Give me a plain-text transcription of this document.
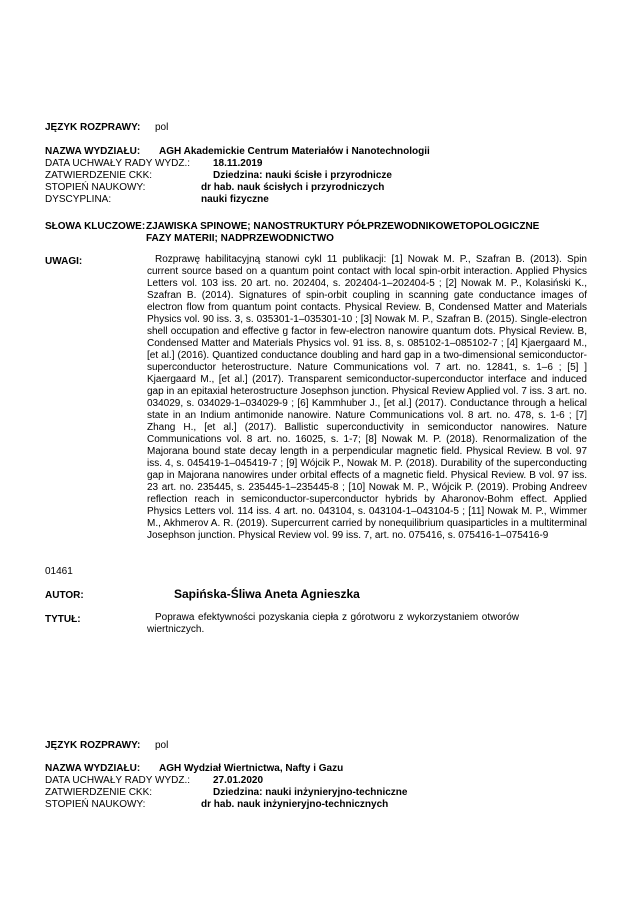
JĘZYK ROZPRAWY: pol
NAZWA WYDZIAŁU: AGH Akademickie Centrum Materiałów i Nanotechnologii
DATA UCHWAŁY RADY WYDZ.: 18.11.2019
ZATWIERDZENIE CKK:	Dziedzina: nauki ścisłe i przyrodnicze
STOPIEŃ NAUKOWY:	dr hab. nauk ścisłych i przyrodniczych
DYSCYPLINA:	nauki fizyczne
SŁOWA KLUCZOWE: ZJAWISKA SPINOWE; NANOSTRUKTURY PÓŁPRZEWODNIKOWETOPOLOGICZNE
FAZY MATERII; NADPRZEWODNICTWO
UWAGI:	Rozprawę habilitacyjną stanowi cykl 11 publikacji: [1] Nowak M. P., Szafran B. (2013). Spin current source based on a quantum point contact with local spin-orbit interaction. Applied Physics Letters vol. 103 iss. 20 art. no. 202404, s. 202404-1–202404-5 ; [2] Nowak M. P., Kolasiński K., Szafran B. (2014). Signatures of spin-orbit coupling in scanning gate conductance images of electron flow from quantum point contacts. Physical Review. B, Condensed Matter and Materials Physics vol. 90 iss. 3, s. 035301-1–035301-10 ; [3] Nowak M. P., Szafran B. (2015). Single-electron shell occupation and effective g factor in few-electron nanowire quantum dots. Physical Review. B, Condensed Matter and Materials Physics vol. 91 iss. 8, s. 085102-1–085102-7 ; [4] Kjaergaard M., [et al.] (2016). Quantized conductance doubling and hard gap in a two-dimensional semiconductor-superconductor heterostructure. Nature Communications vol. 7 art. no. 12841, s. 1–6 ; [5] ] Kjaergaard M., [et al.] (2017). Transparent semiconductor-superconductor interface and induced gap in an epitaxial heterostructure Josephson junction. Physical Review Applied vol. 7 iss. 3 art. no. 034029, s. 034029-1–034029-9 ; [6] Kammhuber J., [et al.] (2017). Conductance through a helical state in an Indium antimonide nanowire. Nature Communications vol. 8 art. no. 478, s. 1-6 ; [7] Zhang H., [et al.] (2017). Ballistic superconductivity in semiconductor nanowires. Nature Communications vol. 8 art. no. 16025, s. 1-7; [8] Nowak M. P. (2018). Renormalization of the Majorana bound state decay length in a perpendicular magnetic field. Physical Review. B vol. 97 iss. 4, s. 045419-1–045419-7 ; [9] Wójcik P., Nowak M. P. (2018). Durability of the superconducting gap in Majorana nanowires under orbital effects of a magnetic field. Physical Review. B vol. 97 iss. 23 art. no. 235445, s. 235445-1–235445-8 ; [10] Nowak M. P., Wójcik P. (2019). Probing Andreev reflection reach in semiconductor-superconductor hybrids by Aharonov-Bohm effect. Applied Physics Letters vol. 114 iss. 4 art. no. 043104, s. 043104-1–043104-5 ; [11] Nowak M. P., Wimmer M., Akhmerov A. R. (2019). Supercurrent carried by nonequilibrium quasiparticles in a multiterminal Josephson junction. Physical Review vol. 99 iss. 7, art. no. 075416, s. 075416-1–075416-9
01461
AUTOR:	Sapińska-Śliwa Aneta Agnieszka
TYTUŁ:	Poprawa efektywności pozyskania ciepła z górotworu z wykorzystaniem otworów wiertniczych.
JĘZYK ROZPRAWY: pol
NAZWA WYDZIAŁU: AGH Wydział Wiertnictwa, Nafty i Gazu
DATA UCHWAŁY RADY WYDZ.: 27.01.2020
ZATWIERDZENIE CKK:	Dziedzina: nauki inżynieryjno-techniczne
STOPIEŃ NAUKOWY:	dr hab. nauk inżynieryjno-technicznych
